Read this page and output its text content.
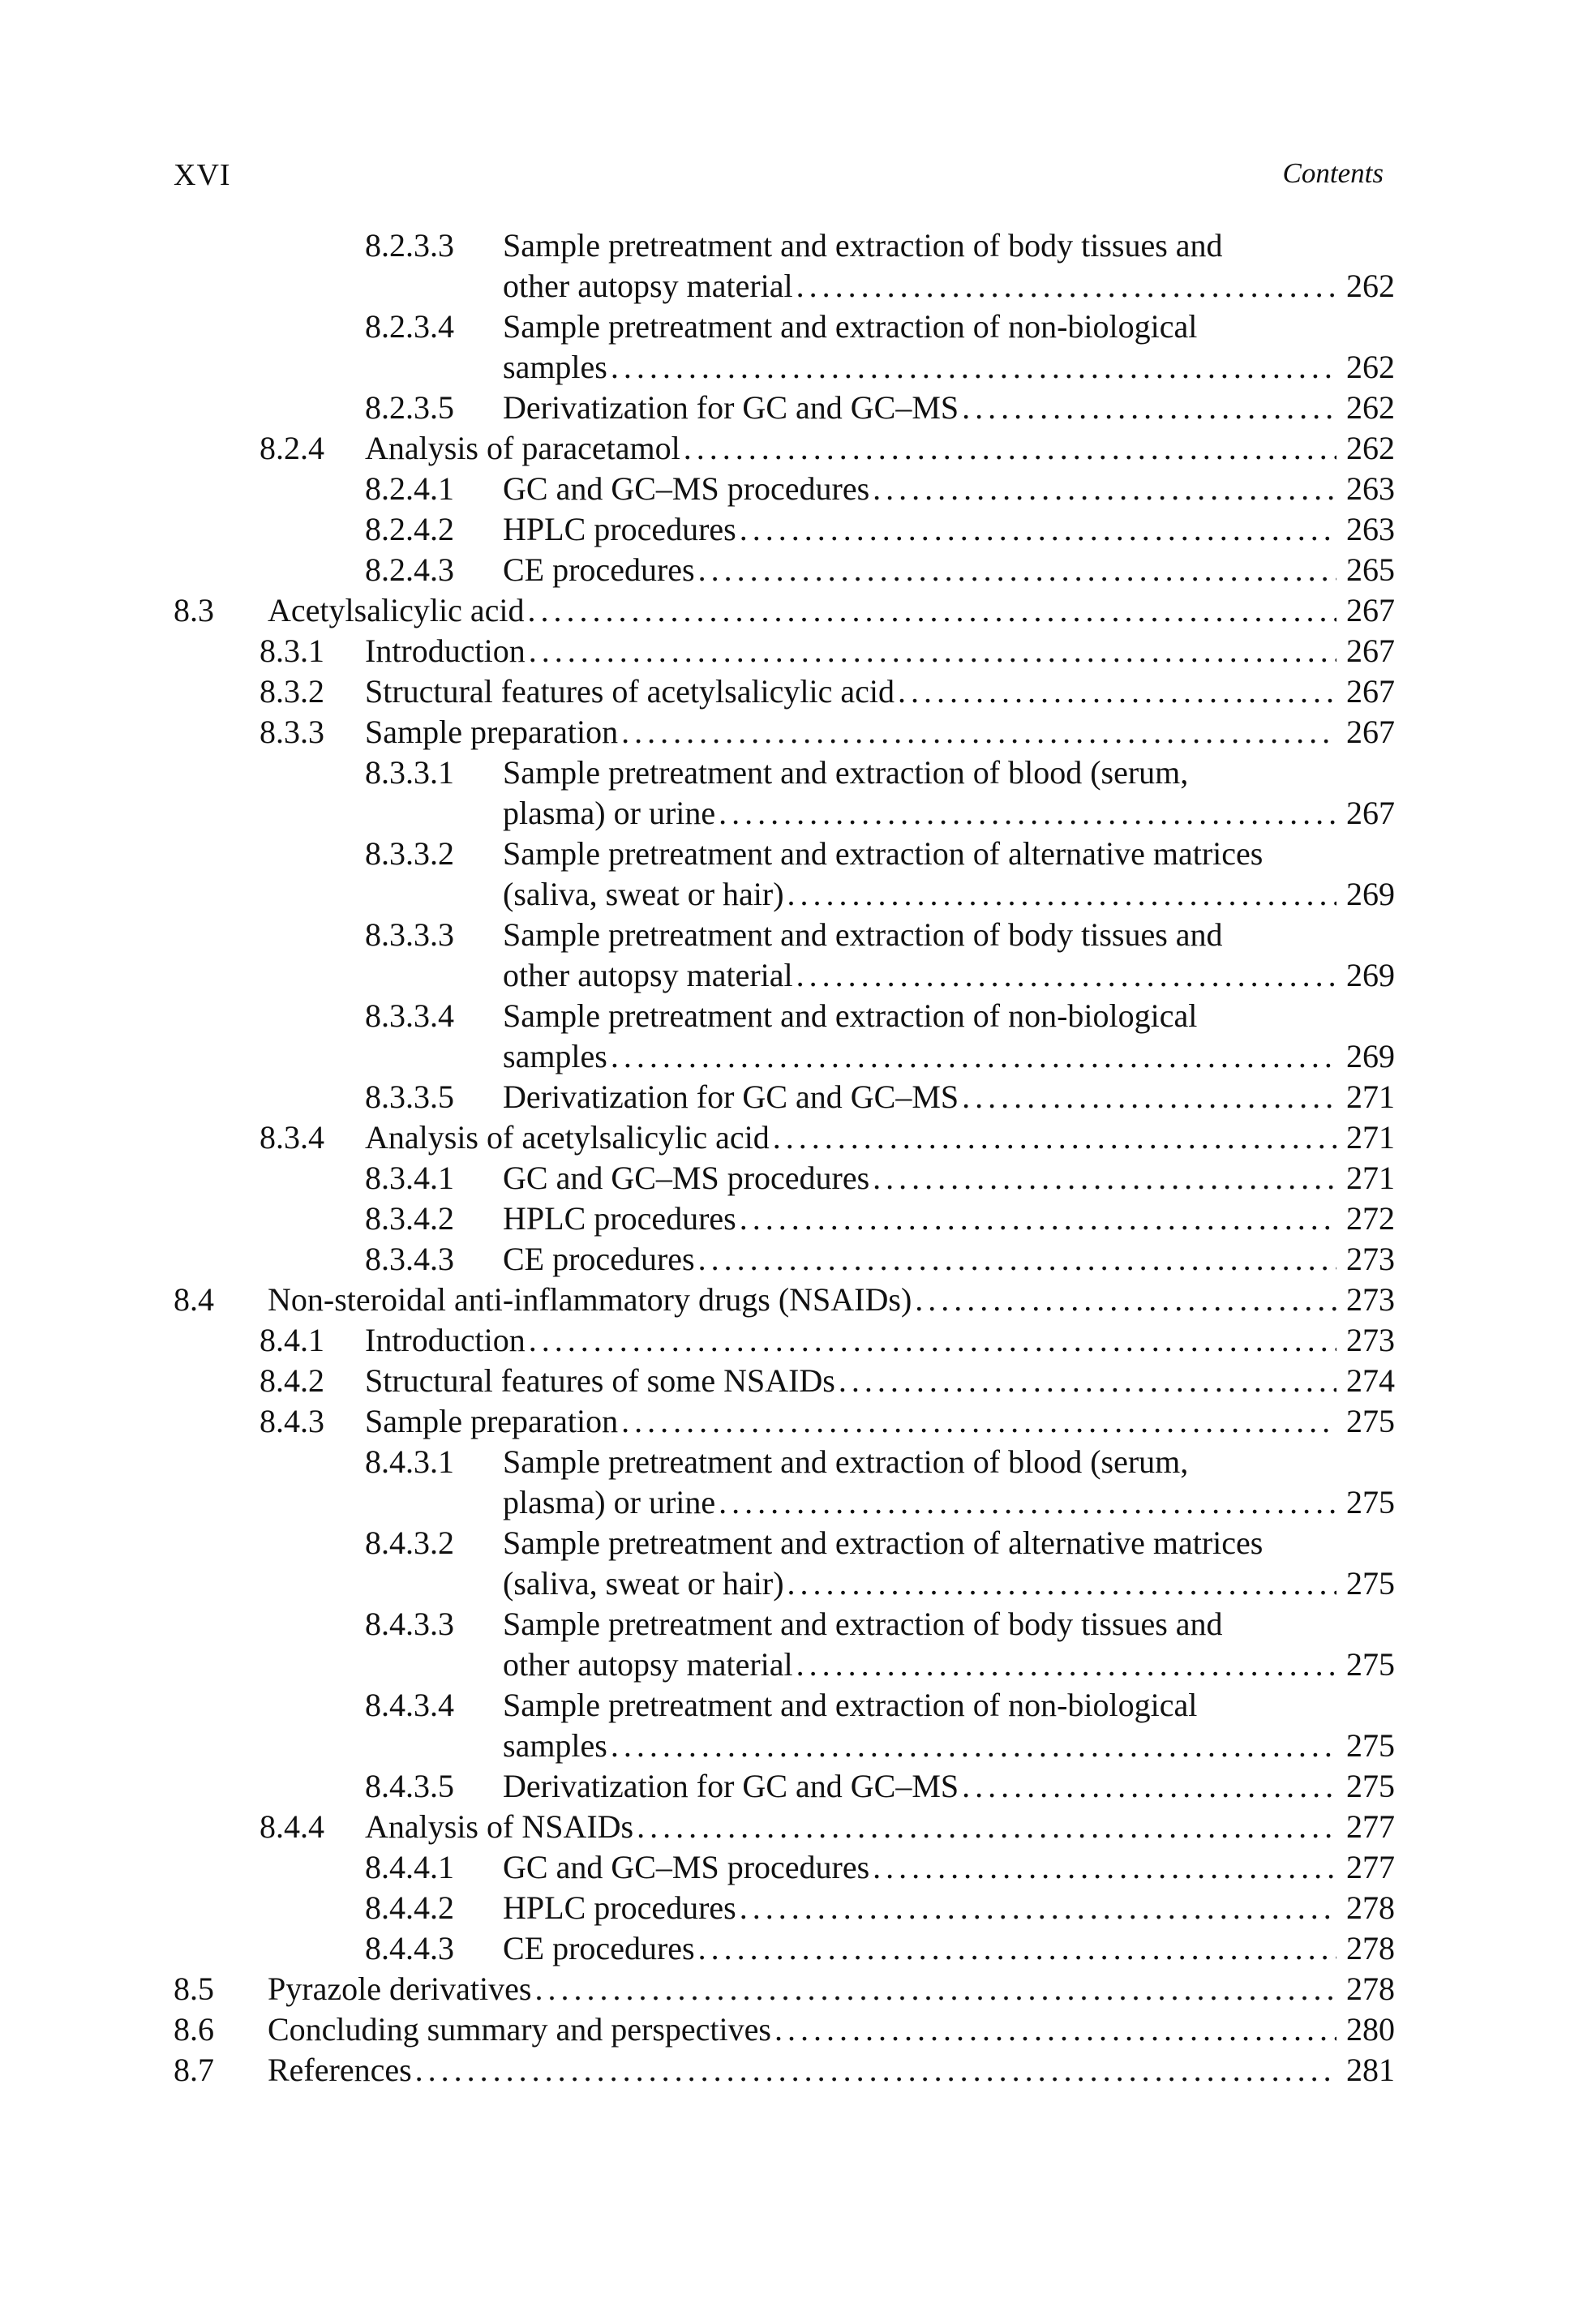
XVI	Contents
8.2.3.3 Sample pretreatment and extraction of body tissues and
other autopsy material .....	262
8.2.3.4 Sample pretreatment and extraction of non-biological
samples .....	262
8.2.3.5 Derivatization for GC and GC–MS .....	262
8.2.4 Analysis of paracetamol .....	262
8.2.4.1 GC and GC–MS procedures .....	263
8.2.4.2 HPLC procedures .....	263
8.2.4.3 CE procedures .....	265
8.3 Acetylsalicylic acid .....	267
8.3.1 Introduction .....	267
8.3.2 Structural features of acetylsalicylic acid .....	267
8.3.3 Sample preparation .....	267
8.3.3.1 Sample pretreatment and extraction of blood (serum,
plasma) or urine .....	267
8.3.3.2 Sample pretreatment and extraction of alternative matrices
(saliva, sweat or hair) .....	269
8.3.3.3 Sample pretreatment and extraction of body tissues and
other autopsy material .....	269
8.3.3.4 Sample pretreatment and extraction of non-biological
samples .....	269
8.3.3.5 Derivatization for GC and GC–MS .....	271
8.3.4 Analysis of acetylsalicylic acid .....	271
8.3.4.1 GC and GC–MS procedures .....	271
8.3.4.2 HPLC procedures .....	272
8.3.4.3 CE procedures .....	273
8.4 Non-steroidal anti-inflammatory drugs (NSAIDs) .....	273
8.4.1 Introduction .....	273
8.4.2 Structural features of some NSAIDs .....	274
8.4.3 Sample preparation .....	275
8.4.3.1 Sample pretreatment and extraction of blood (serum,
plasma) or urine .....	275
8.4.3.2 Sample pretreatment and extraction of alternative matrices
(saliva, sweat or hair) .....	275
8.4.3.3 Sample pretreatment and extraction of body tissues and
other autopsy material .....	275
8.4.3.4 Sample pretreatment and extraction of non-biological
samples .....	275
8.4.3.5 Derivatization for GC and GC–MS .....	275
8.4.4 Analysis of NSAIDs .....	277
8.4.4.1 GC and GC–MS procedures .....	277
8.4.4.2 HPLC procedures .....	278
8.4.4.3 CE procedures .....	278
8.5 Pyrazole derivatives .....	278
8.6 Concluding summary and perspectives .....	280
8.7 References .....	281
